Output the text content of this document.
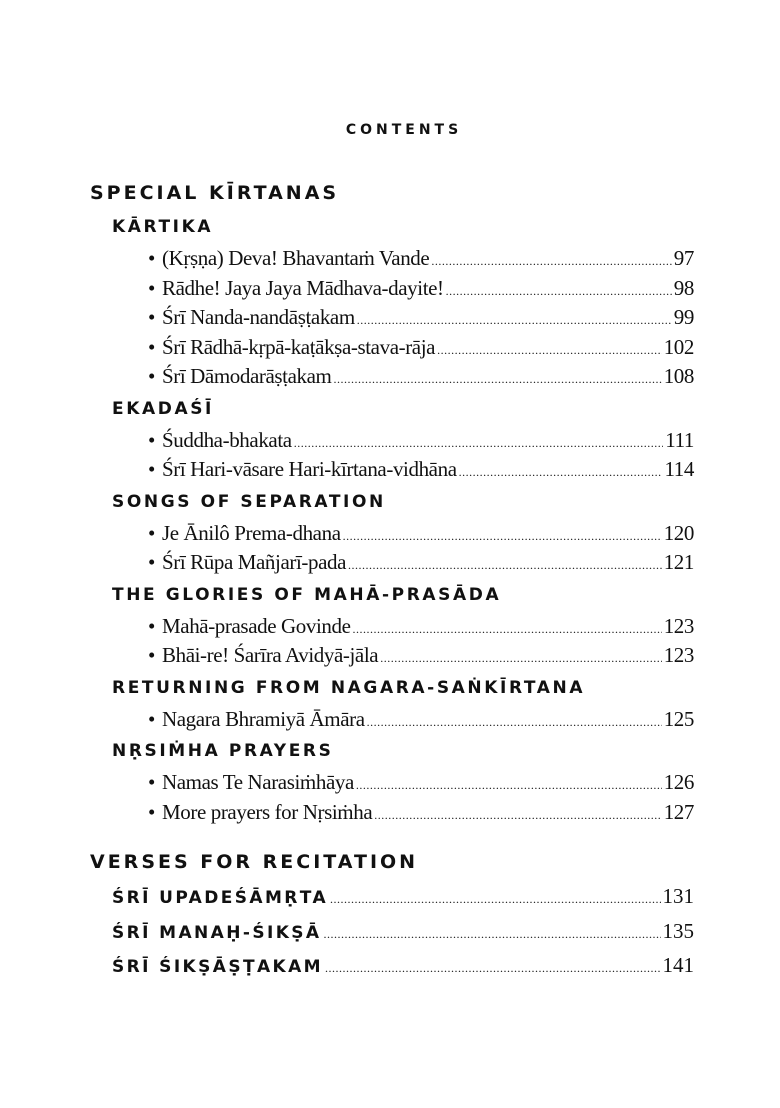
CONTENTS
SPECIAL KĪRTANAS
KĀRTIKA
• (Kṛṣṇa) Deva! Bhavantaṁ Vande .....	97
• Rādhe! Jaya Jaya Mādhava-dayite! .....	98
• Śrī Nanda-nandāṣṭakam .....	99
• Śrī Rādhā-kṛpā-kaṭākṣa-stava-rāja .....	102
• Śrī Dāmodarāṣṭakam .....	108
EKADAŚĪ
• Śuddha-bhakata .....	111
• Śrī Hari-vāsare Hari-kīrtana-vidhāna .....	114
SONGS OF SEPARATION
• Je Ānilô Prema-dhana .....	120
• Śrī Rūpa Mañjarī-pada .....	121
THE GLORIES OF MAHĀ-PRASĀDA
• Mahā-prasade Govinde .....	123
• Bhāi-re! Śarīra Avidyā-jāla .....	123
RETURNING FROM NAGARA-SAṄKĪRTANA
• Nagara Bhramiyā Āmāra .....	125
NṚSIṀHA PRAYERS
• Namas Te Narasiṁhāya .....	126
• More prayers for Nṛsiṁha .....	127
VERSES FOR RECITATION
ŚRĪ UPADEŚĀMṚTA .....	131
ŚRĪ MANAḤ-ŚIKṢĀ .....	135
ŚRĪ ŚIKṢĀṢṬAKAM .....	141
